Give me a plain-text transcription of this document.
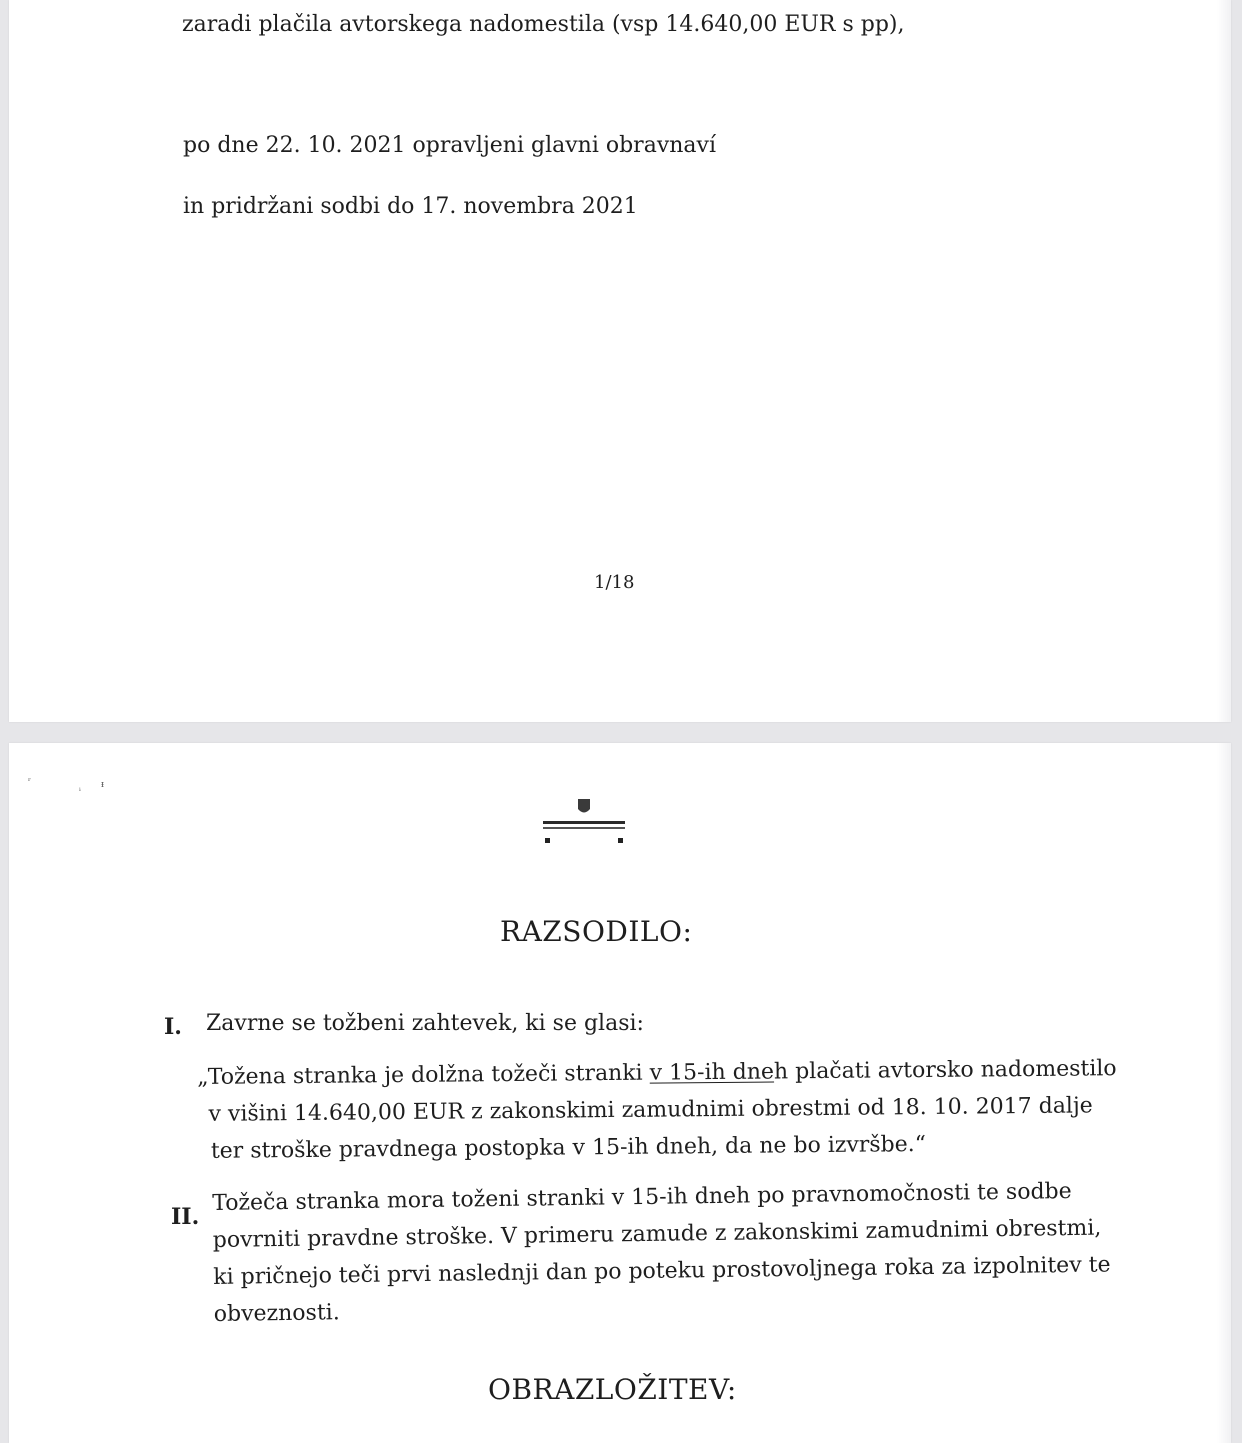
zaradi plačila avtorskega nadomestila (vsp 14.640,00 EUR s pp),
po dne 22. 10. 2021 opravljeni glavni obravnaví
in pridržani sodbi do 17. novembra 2021
1/18
ʳ
ᵢ ᵻ
RAZSODILO:
I. Zavrne se tožbeni zahtevek, ki se glasi:
„Tožena stranka je dolžna tožeči stranki v 15-ih dneh plačati avtorsko nadomestilo
v višini 14.640,00 EUR z zakonskimi zamudnimi obrestmi od 18. 10. 2017 dalje
ter stroške pravdnega postopka v 15-ih dneh, da ne bo izvršbe.“
II.
Tožeča stranka mora toženi stranki v 15-ih dneh po pravnomočnosti te sodbe
povrniti pravdne stroške. V primeru zamude z zakonskimi zamudnimi obrestmi,
ki pričnejo teči prvi naslednji dan po poteku prostovoljnega roka za izpolnitev te
obveznosti.
OBRAZLOŽITEV:
